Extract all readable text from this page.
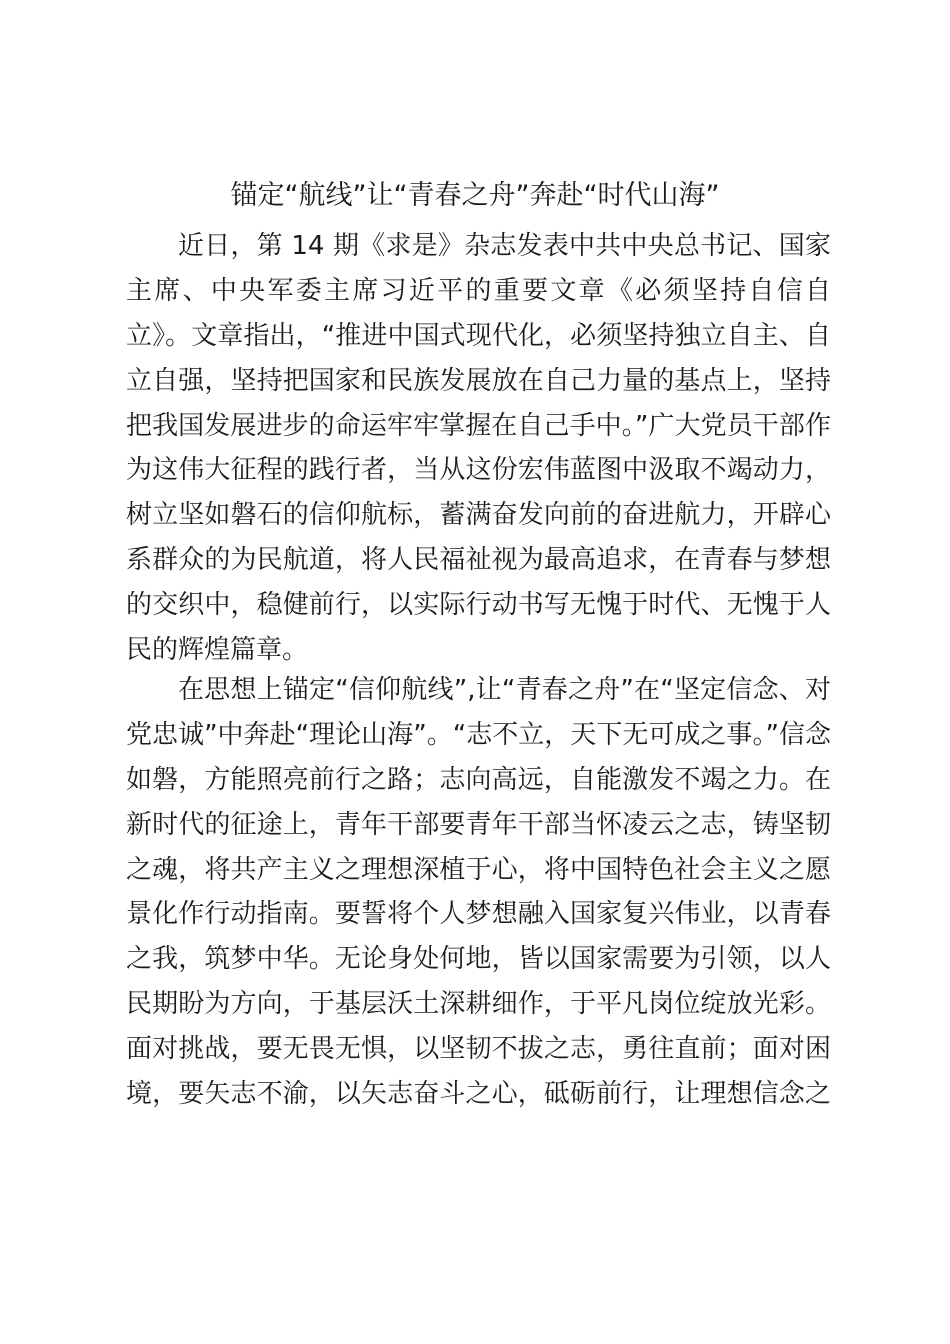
锚定“航线”让“青春之舟”奔赴“时代山海”
近日，第 14 期《求是》杂志发表中共中央总书记、国家
主席、中央军委主席习近平的重要文章《必须坚持自信自
立》。文章指出，“推进中国式现代化，必须坚持独立自主、自
立自强，坚持把国家和民族发展放在自己力量的基点上，坚持
把我国发展进步的命运牢牢掌握在自己手中。”广大党员干部作
为这伟大征程的践行者，当从这份宏伟蓝图中汲取不竭动力，
树立坚如磐石的信仰航标，蓄满奋发向前的奋进航力，开辟心
系群众的为民航道，将人民福祉视为最高追求，在青春与梦想
的交织中，稳健前行，以实际行动书写无愧于时代、无愧于人
民的辉煌篇章。
在思想上锚定“信仰航线”,让“青春之舟”在“坚定信念、对
党忠诚”中奔赴“理论山海”。“志不立，天下无可成之事。”信念
如磐，方能照亮前行之路；志向高远，自能激发不竭之力。在
新时代的征途上，青年干部要青年干部当怀凌云之志，铸坚韧
之魂，将共产主义之理想深植于心，将中国特色社会主义之愿
景化作行动指南。要誓将个人梦想融入国家复兴伟业，以青春
之我，筑梦中华。无论身处何地，皆以国家需要为引领，以人
民期盼为方向，于基层沃土深耕细作，于平凡岗位绽放光彩。
面对挑战，要无畏无惧，以坚韧不拔之志，勇往直前；面对困
境，要矢志不渝，以矢志奋斗之心，砥砺前行，让理想信念之
